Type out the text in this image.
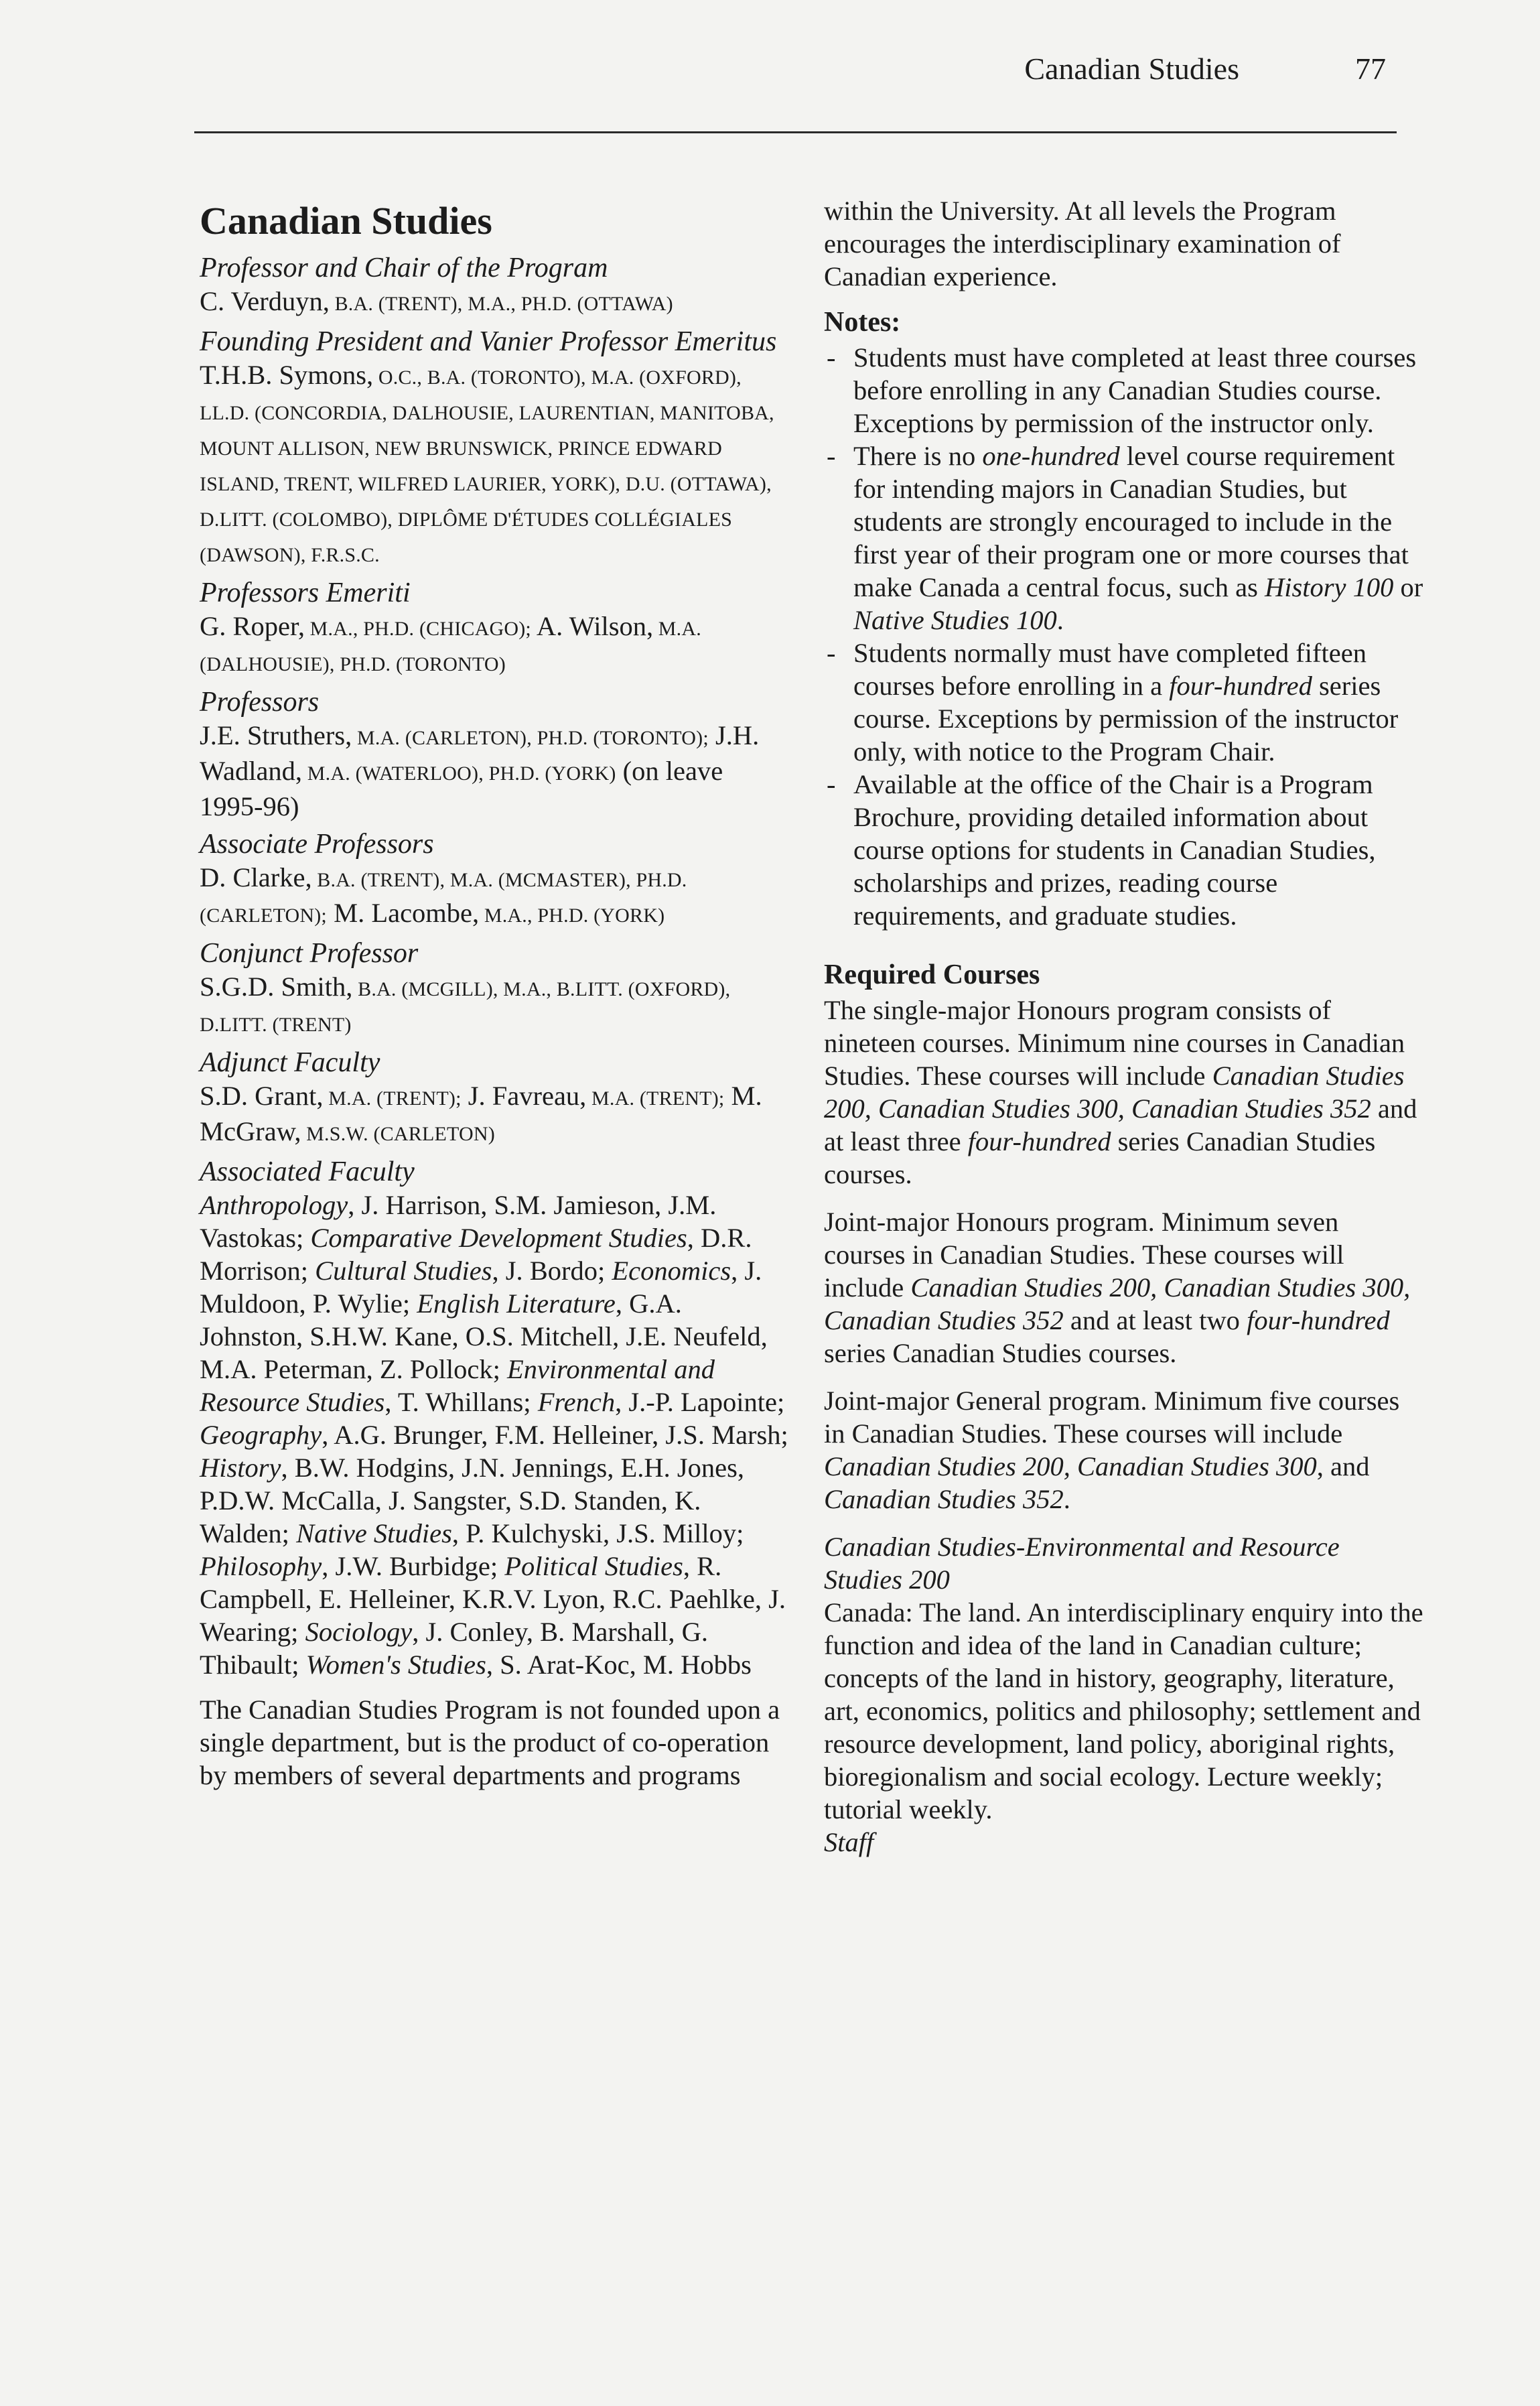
Canadian Studies	77
Canadian Studies
Professor and Chair of the Program
C. Verduyn, B.A. (TRENT), M.A., PH.D. (OTTAWA)
Founding President and Vanier Professor Emeritus
T.H.B. Symons, O.C., B.A. (TORONTO), M.A. (OXFORD), LL.D. (CONCORDIA, DALHOUSIE, LAURENTIAN, MANITOBA, MOUNT ALLISON, NEW BRUNSWICK, PRINCE EDWARD ISLAND, TRENT, WILFRED LAURIER, YORK), D.U. (OTTAWA), D.LITT. (COLOMBO), DIPLÔME D'ÉTUDES COLLÉGIALES (DAWSON), F.R.S.C.
Professors Emeriti
G. Roper, M.A., PH.D. (CHICAGO); A. Wilson, M.A. (DALHOUSIE), PH.D. (TORONTO)
Professors
J.E. Struthers, M.A. (CARLETON), PH.D. (TORONTO); J.H. Wadland, M.A. (WATERLOO), PH.D. (YORK) (on leave 1995-96)
Associate Professors
D. Clarke, B.A. (TRENT), M.A. (MCMASTER), PH.D. (CARLETON); M. Lacombe, M.A., PH.D. (YORK)
Conjunct Professor
S.G.D. Smith, B.A. (MCGILL), M.A., B.LITT. (OXFORD), D.LITT. (TRENT)
Adjunct Faculty
S.D. Grant, M.A. (TRENT); J. Favreau, M.A. (TRENT); M. McGraw, M.S.W. (CARLETON)
Associated Faculty
Anthropology, J. Harrison, S.M. Jamieson, J.M. Vastokas; Comparative Development Studies, D.R. Morrison; Cultural Studies, J. Bordo; Economics, J. Muldoon, P. Wylie; English Literature, G.A. Johnston, S.H.W. Kane, O.S. Mitchell, J.E. Neufeld, M.A. Peterman, Z. Pollock; Environmental and Resource Studies, T. Whillans; French, J.-P. Lapointe; Geography, A.G. Brunger, F.M. Helleiner, J.S. Marsh; History, B.W. Hodgins, J.N. Jennings, E.H. Jones, P.D.W. McCalla, J. Sangster, S.D. Standen, K. Walden; Native Studies, P. Kulchyski, J.S. Milloy; Philosophy, J.W. Burbidge; Political Studies, R. Campbell, E. Helleiner, K.R.V. Lyon, R.C. Paehlke, J. Wearing; Sociology, J. Conley, B. Marshall, G. Thibault; Women's Studies, S. Arat-Koc, M. Hobbs
The Canadian Studies Program is not founded upon a single department, but is the product of co-operation by members of several departments and programs
within the University. At all levels the Program encourages the interdisciplinary examination of Canadian experience.
Notes:
- Students must have completed at least three courses before enrolling in any Canadian Studies course. Exceptions by permission of the instructor only.
- There is no one-hundred level course requirement for intending majors in Canadian Studies, but students are strongly encouraged to include in the first year of their program one or more courses that make Canada a central focus, such as History 100 or Native Studies 100.
- Students normally must have completed fifteen courses before enrolling in a four-hundred series course. Exceptions by permission of the instructor only, with notice to the Program Chair.
- Available at the office of the Chair is a Program Brochure, providing detailed information about course options for students in Canadian Studies, scholarships and prizes, reading course requirements, and graduate studies.
Required Courses
The single-major Honours program consists of nineteen courses. Minimum nine courses in Canadian Studies. These courses will include Canadian Studies 200, Canadian Studies 300, Canadian Studies 352 and at least three four-hundred series Canadian Studies courses.
Joint-major Honours program. Minimum seven courses in Canadian Studies. These courses will include Canadian Studies 200, Canadian Studies 300, Canadian Studies 352 and at least two four-hundred series Canadian Studies courses.
Joint-major General program. Minimum five courses in Canadian Studies. These courses will include Canadian Studies 200, Canadian Studies 300, and Canadian Studies 352.
Canadian Studies-Environmental and Resource Studies 200
Canada: The land. An interdisciplinary enquiry into the function and idea of the land in Canadian culture; concepts of the land in history, geography, literature, art, economics, politics and philosophy; settlement and resource development, land policy, aboriginal rights, bioregionalism and social ecology. Lecture weekly; tutorial weekly.
Staff
